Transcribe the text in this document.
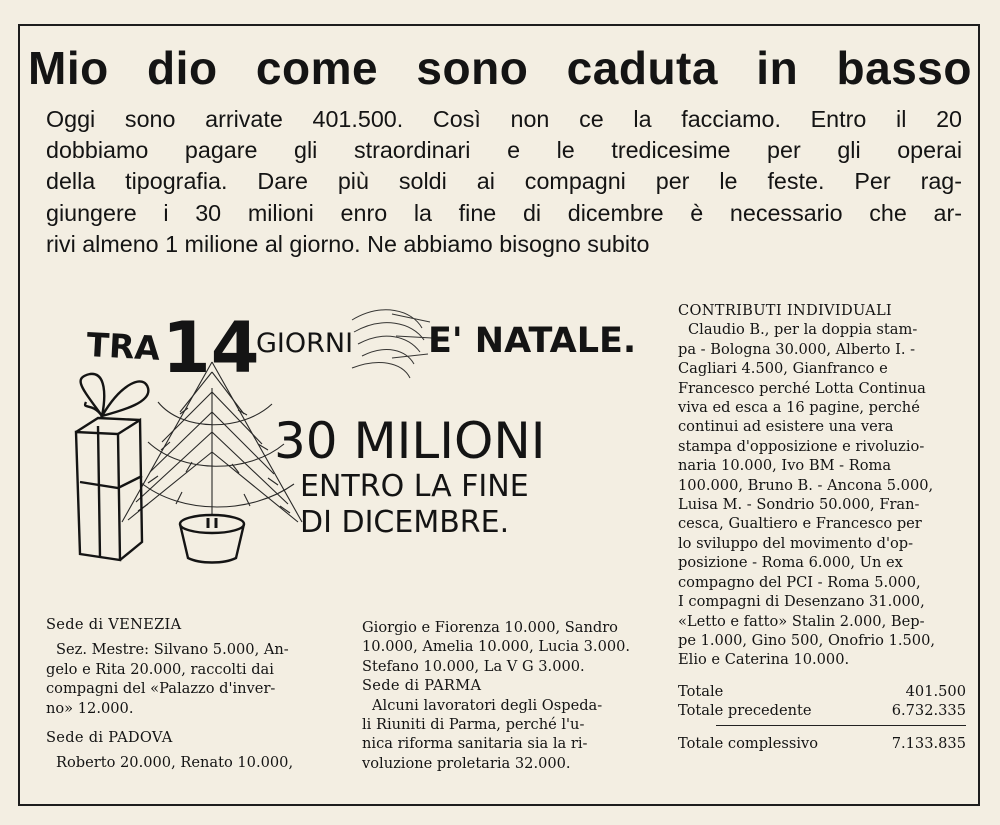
Mio dio come sono caduta in basso
Oggi sono arrivate 401.500. Così non ce la facciamo. Entro il 20
dobbiamo pagare gli straordinari e le tredicesime per gli operai
della tipografia. Dare più soldi ai compagni per le feste. Per rag-
giungere i 30 milioni enro la fine di dicembre è necessario che ar-
rivi almeno 1 milione al giorno. Ne abbiamo bisogno subito
TRA 14
GIORNI E' NATALE.
30 MILIONI
ENTRO LA FINE
DI DICEMBRE.

Sede di VENEZIA

Sez. Mestre: Silvano 5.000, An-

gelo e Rita 20.000, raccolti dai

compagni del «Palazzo d'inver-

no» 12.000.

Sede di PADOVA

Roberto 20.000, Renato 10.000,

Giorgio e Fiorenza 10.000, Sandro

10.000, Amelia 10.000, Lucia 3.000.

Stefano 10.000, La V G 3.000.

Sede di PARMA

Alcuni lavoratori degli Ospeda-

li Riuniti di Parma, perché l'u-

nica riforma sanitaria sia la ri-

voluzione proletaria 32.000.

CONTRIBUTI INDIVIDUALI

Claudio B., per la doppia stam-

pa - Bologna 30.000, Alberto I. -

Cagliari 4.500, Gianfranco e

Francesco perché Lotta Continua

viva ed esca a 16 pagine, perché

continui ad esistere una vera

stampa d'opposizione e rivoluzio-

naria 10.000, Ivo BM - Roma

100.000, Bruno B. - Ancona 5.000,

Luisa M. - Sondrio 50.000, Fran-

cesca, Gualtiero e Francesco per

lo sviluppo del movimento d'op-

posizione - Roma 6.000, Un ex

compagno del PCI - Roma 5.000,

I compagni di Desenzano 31.000,

«Letto e fatto» Stalin 2.000, Bep-

pe 1.000, Gino 500, Onofrio 1.500,

Elio e Caterina 10.000.

Totale	401.500
Totale precedente	6.732.335
Totale complessivo	7.133.835
